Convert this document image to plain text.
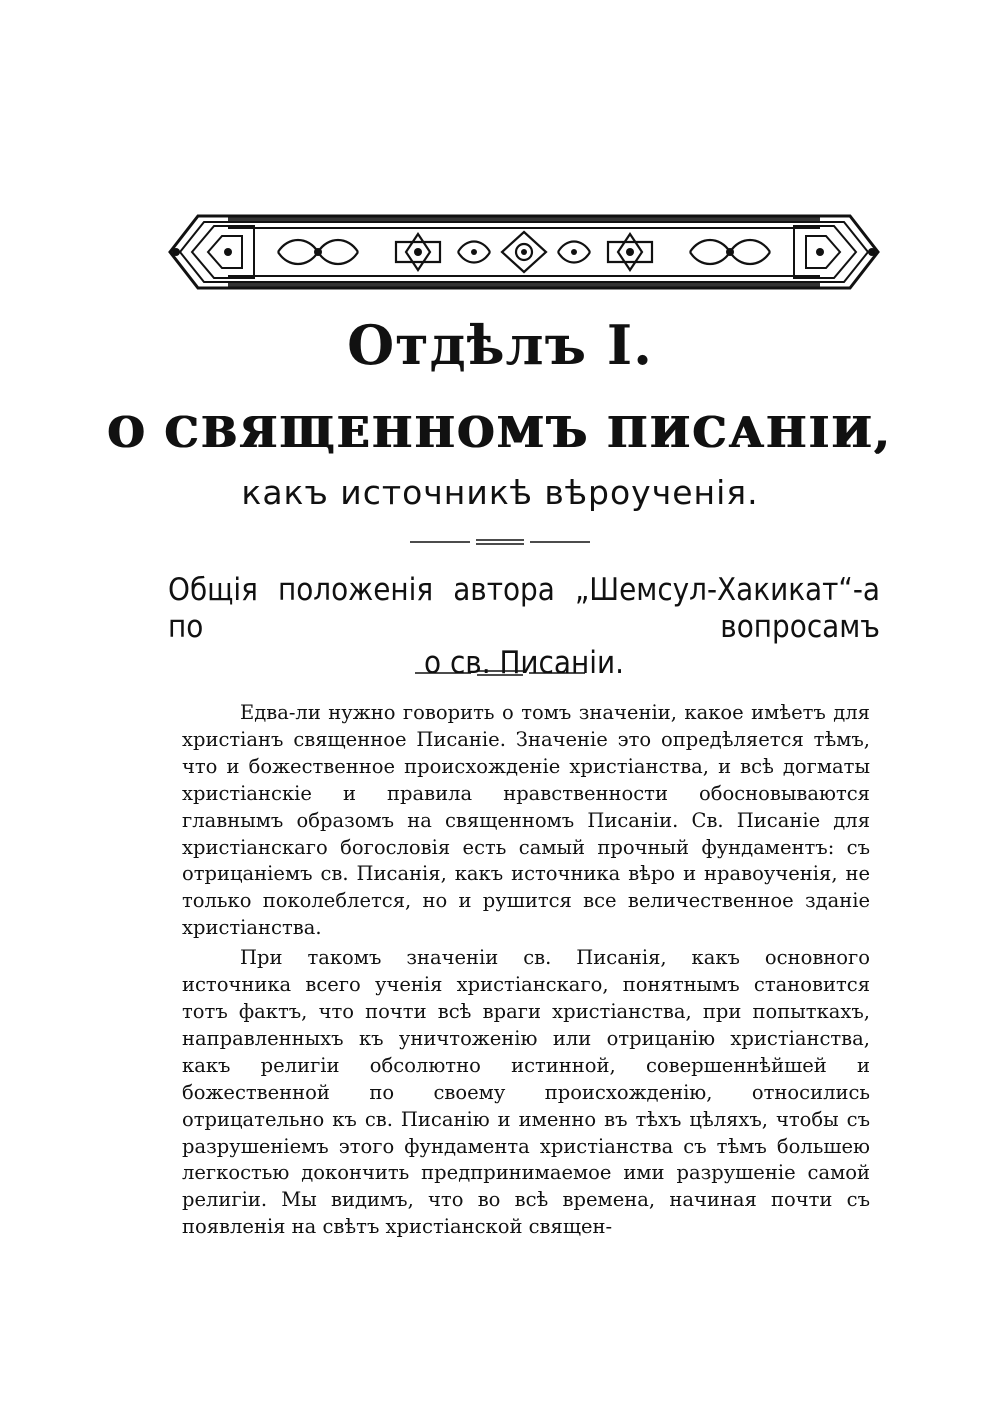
Отдѣлъ I.
О СВЯЩЕННОМЪ ПИСАНІИ,
какъ источникѣ вѣроученія.
Общія положенія автора „Шемсул-Хакикат“-а по вопросамъ
о св. Писаніи.

Едва-ли нужно говорить о томъ значеніи, какое имѣетъ для христіанъ священное Писаніе. Значеніе это опредѣляется тѣмъ, что и божественное происхожденіе христіанства, и всѣ догматы христіанскіе и правила нравственности обосновываются главнымъ образомъ на священномъ Писаніи. Св. Писаніе для христіанскаго богословія есть самый прочный фундаментъ: съ отрицаніемъ св. Писанія, какъ источника вѣро и нравоученія, не только поколеблется, но и рушится все величественное зданіе христіанства.

При такомъ значеніи св. Писанія, какъ основного источника всего ученія христіанскаго, понятнымъ становится тотъ фактъ, что почти всѣ враги христіанства, при попыткахъ, направленныхъ къ уничтоженію или отрицанію христіанства, какъ религіи обсолютно истинной, совершеннѣйшей и божественной по своему происхожденію, относились отрицательно къ св. Писанію и именно въ тѣхъ цѣляхъ, чтобы съ разрушеніемъ этого фундамента христіанства съ тѣмъ большею легкостью докончить предпринимаемое ими разрушеніе самой религіи. Мы видимъ, что во всѣ времена, начиная почти съ появленія на свѣтъ христіанской священ-
